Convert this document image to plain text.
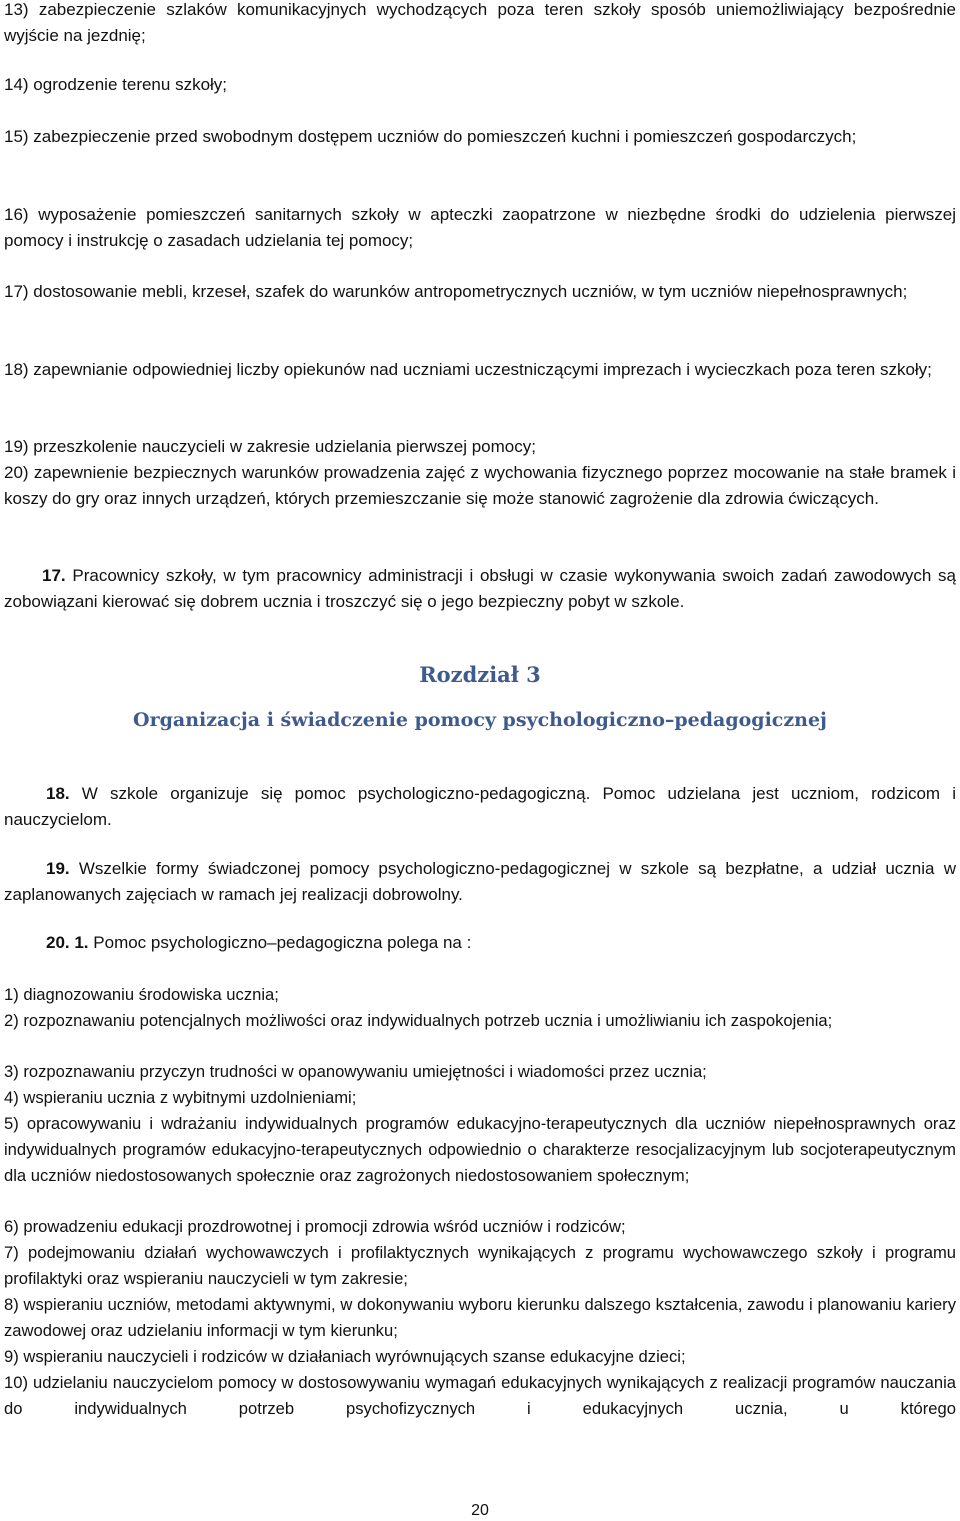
13) zabezpieczenie szlaków komunikacyjnych wychodzących poza teren szkoły sposób uniemożliwiający bezpośrednie wyjście na jezdnię;
14) ogrodzenie terenu szkoły;
15) zabezpieczenie przed swobodnym dostępem uczniów do pomieszczeń kuchni i pomieszczeń gospodarczych;
16) wyposażenie pomieszczeń sanitarnych szkoły w apteczki zaopatrzone w niezbędne środki do udzielenia pierwszej pomocy i instrukcję o zasadach udzielania tej pomocy;
17) dostosowanie mebli, krzeseł, szafek do warunków antropometrycznych uczniów, w tym uczniów niepełnosprawnych;
18) zapewnianie odpowiedniej liczby opiekunów nad uczniami uczestniczącymi imprezach i wycieczkach poza teren szkoły;
19) przeszkolenie nauczycieli w zakresie udzielania pierwszej pomocy;
20) zapewnienie bezpiecznych warunków prowadzenia zajęć z wychowania fizycznego poprzez mocowanie na stałe bramek i koszy do gry oraz innych urządzeń, których przemieszczanie się może stanowić zagrożenie dla zdrowia ćwiczących.
17. Pracownicy szkoły, w tym pracownicy administracji i obsługi w czasie wykonywania swoich zadań zawodowych są zobowiązani kierować się dobrem ucznia i troszczyć się o jego bezpieczny pobyt w szkole.
Rozdział 3
Organizacja i świadczenie pomocy psychologiczno–pedagogicznej
18. W szkole organizuje się pomoc psychologiczno-pedagogiczną. Pomoc udzielana jest uczniom, rodzicom i nauczycielom.
19. Wszelkie formy świadczonej pomocy psychologiczno-pedagogicznej w szkole są bezpłatne, a udział ucznia w zaplanowanych zajęciach w ramach jej realizacji dobrowolny.
20. 1. Pomoc psychologiczno–pedagogiczna polega na :
1) diagnozowaniu środowiska ucznia;
2) rozpoznawaniu potencjalnych możliwości oraz indywidualnych potrzeb ucznia i umożliwianiu ich zaspokojenia;
3) rozpoznawaniu przyczyn trudności w opanowywaniu umiejętności i wiadomości przez ucznia;
4) wspieraniu ucznia z wybitnymi uzdolnieniami;
5) opracowywaniu i wdrażaniu indywidualnych programów edukacyjno-terapeutycznych dla uczniów niepełnosprawnych oraz indywidualnych programów edukacyjno-terapeutycznych odpowiednio o charakterze resocjalizacyjnym lub socjoterapeutycznym dla uczniów niedostosowanych społecznie oraz zagrożonych niedostosowaniem społecznym;
6) prowadzeniu edukacji prozdrowotnej i promocji zdrowia wśród uczniów i rodziców;
7) podejmowaniu działań wychowawczych i profilaktycznych wynikających z programu wychowawczego szkoły i programu profilaktyki oraz wspieraniu nauczycieli w tym zakresie;
8) wspieraniu uczniów, metodami aktywnymi, w dokonywaniu wyboru kierunku dalszego kształcenia, zawodu i planowaniu kariery zawodowej oraz udzielaniu informacji w tym kierunku;
9) wspieraniu nauczycieli i rodziców w działaniach wyrównujących szanse edukacyjne dzieci;
10) udzielaniu nauczycielom pomocy w dostosowywaniu wymagań edukacyjnych wynikających z realizacji programów nauczania do indywidualnych potrzeb psychofizycznych i edukacyjnych ucznia, u którego
20
